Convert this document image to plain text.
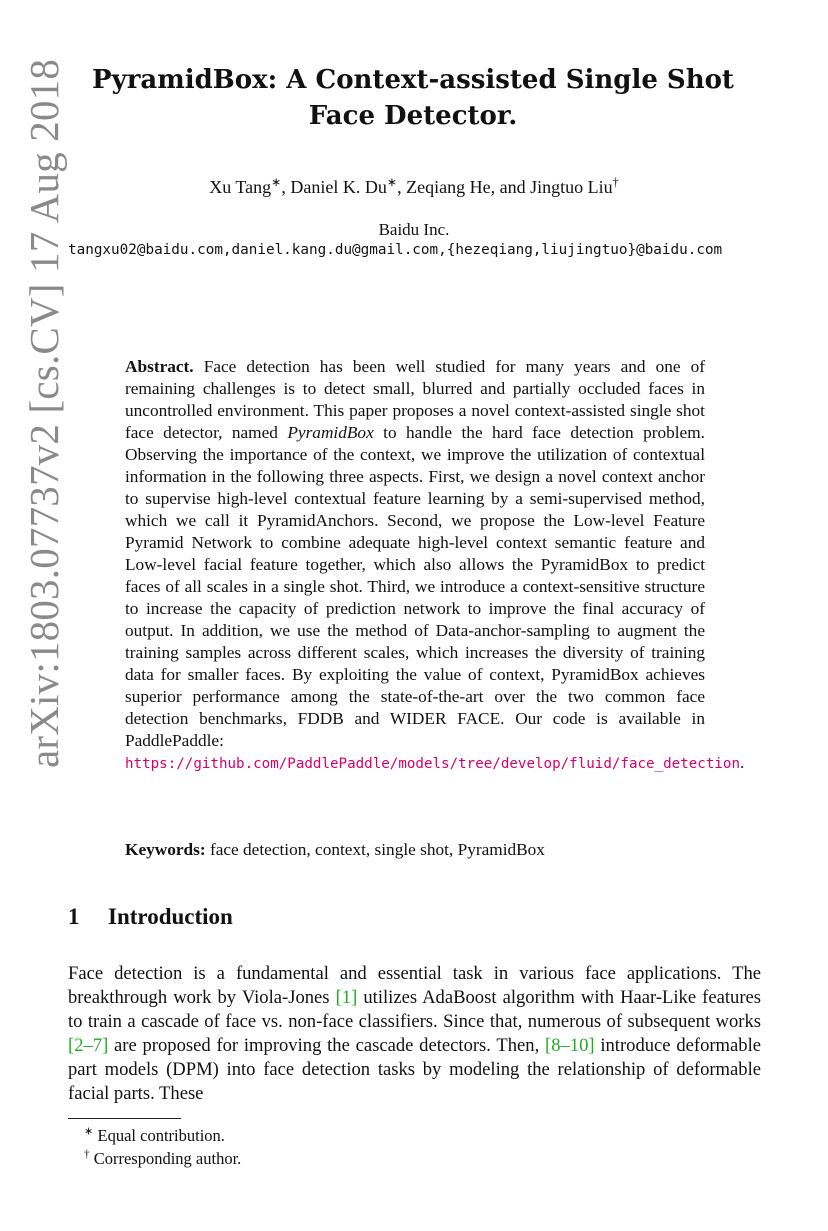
arXiv:1803.07737v2 [cs.CV] 17 Aug 2018 PyramidBox: A Context-assisted Single Shot
Face Detector.
Xu Tang∗, Daniel K. Du∗, Zeqiang He, and Jingtuo Liu†
Baidu Inc.
tangxu02@baidu.com,daniel.kang.du@gmail.com,{hezeqiang,liujingtuo}@baidu.com

Abstract. Face detection has been well studied for many years and one of remaining challenges is to detect small, blurred and partially occluded faces in uncontrolled environment. This paper proposes a novel context-assisted single shot face detector, named PyramidBox to handle the hard face detection problem. Observing the importance of the context, we improve the utilization of contextual information in the following three aspects. First, we design a novel context anchor to supervise high-level contextual feature learning by a semi-supervised method, which we call it PyramidAnchors. Second, we propose the Low-level Feature Pyramid Network to combine adequate high-level context semantic feature and Low-level facial feature together, which also allows the PyramidBox to predict faces of all scales in a single shot. Third, we introduce a context-sensitive structure to increase the capacity of prediction network to improve the final accuracy of output. In addition, we use the method of Data-anchor-sampling to augment the training samples across different scales, which increases the diversity of training data for smaller faces. By exploiting the value of context, PyramidBox achieves superior performance among the state-of-the-art over the two common face detection benchmarks, FDDB and WIDER FACE. Our code is available in PaddlePaddle: https://github.com/PaddlePaddle/models/tree/develop/fluid/face_detection.

Keywords: face detection, context, single shot, PyramidBox
1 Introduction

Face detection is a fundamental and essential task in various face applications. The breakthrough work by Viola-Jones [1] utilizes AdaBoost algorithm with Haar-Like features to train a cascade of face vs. non-face classifiers. Since that, numerous of subsequent works [2–7] are proposed for improving the cascade detectors. Then, [8–10] introduce deformable part models (DPM) into face detection tasks by modeling the relationship of deformable facial parts. These

∗ Equal contribution.
† Corresponding author.
